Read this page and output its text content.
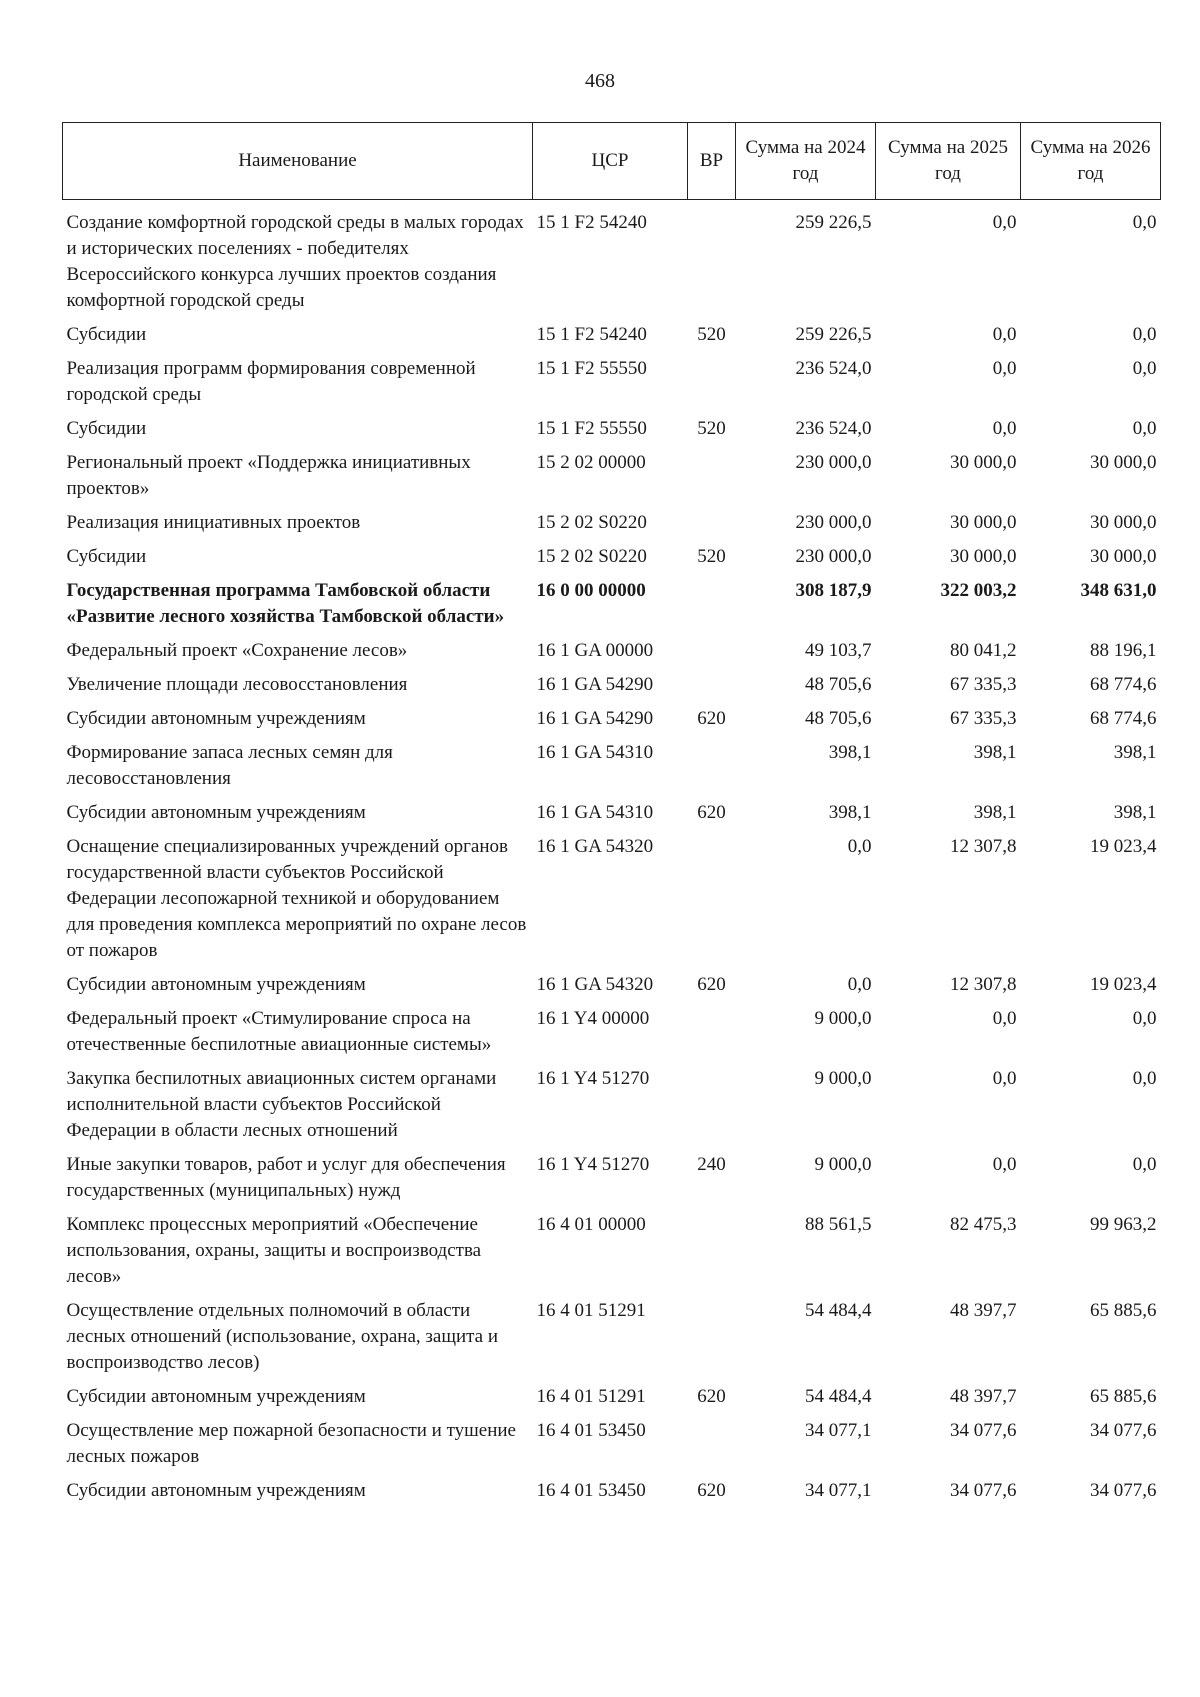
468
Наименование	ЦСР	ВР	Сумма на 2024 год	Сумма на 2025 год	Сумма на 2026 год
Создание комфортной городской среды в малых городах и исторических поселениях - победителях Всероссийского конкурса лучших проектов создания комфортной городской среды	15 1 F2 54240		259 226,5	0,0	0,0
Субсидии	15 1 F2 54240	520	259 226,5	0,0	0,0
Реализация программ формирования современной городской среды	15 1 F2 55550		236 524,0	0,0	0,0
Субсидии	15 1 F2 55550	520	236 524,0	0,0	0,0
Региональный проект «Поддержка инициативных проектов»	15 2 02 00000		230 000,0	30 000,0	30 000,0
Реализация инициативных проектов	15 2 02 S0220		230 000,0	30 000,0	30 000,0
Субсидии	15 2 02 S0220	520	230 000,0	30 000,0	30 000,0
Государственная программа Тамбовской области «Развитие лесного хозяйства Тамбовской области»	16 0 00 00000		308 187,9	322 003,2	348 631,0
Федеральный проект «Сохранение лесов»	16 1 GA 00000		49 103,7	80 041,2	88 196,1
Увеличение площади лесовосстановления	16 1 GA 54290		48 705,6	67 335,3	68 774,6
Субсидии автономным учреждениям	16 1 GA 54290	620	48 705,6	67 335,3	68 774,6
Формирование запаса лесных семян для лесовосстановления	16 1 GA 54310		398,1	398,1	398,1
Субсидии автономным учреждениям	16 1 GA 54310	620	398,1	398,1	398,1
Оснащение специализированных учреждений органов государственной власти субъектов Российской Федерации лесопожарной техникой и оборудованием для проведения комплекса мероприятий по охране лесов от пожаров	16 1 GA 54320		0,0	12 307,8	19 023,4
Субсидии автономным учреждениям	16 1 GA 54320	620	0,0	12 307,8	19 023,4
Федеральный проект «Стимулирование спроса на отечественные беспилотные авиационные системы»	16 1 Y4 00000		9 000,0	0,0	0,0
Закупка беспилотных авиационных систем органами исполнительной власти субъектов Российской Федерации в области лесных отношений	16 1 Y4 51270		9 000,0	0,0	0,0
Иные закупки товаров, работ и услуг для обеспечения государственных (муниципальных) нужд	16 1 Y4 51270	240	9 000,0	0,0	0,0
Комплекс процессных мероприятий «Обеспечение использования, охраны, защиты и воспроизводства лесов»	16 4 01 00000		88 561,5	82 475,3	99 963,2
Осуществление отдельных полномочий в области лесных отношений (использование, охрана, защита и воспроизводство лесов)	16 4 01 51291		54 484,4	48 397,7	65 885,6
Субсидии автономным учреждениям	16 4 01 51291	620	54 484,4	48 397,7	65 885,6
Осуществление мер пожарной безопасности и тушение лесных пожаров	16 4 01 53450		34 077,1	34 077,6	34 077,6
Субсидии автономным учреждениям	16 4 01 53450	620	34 077,1	34 077,6	34 077,6
